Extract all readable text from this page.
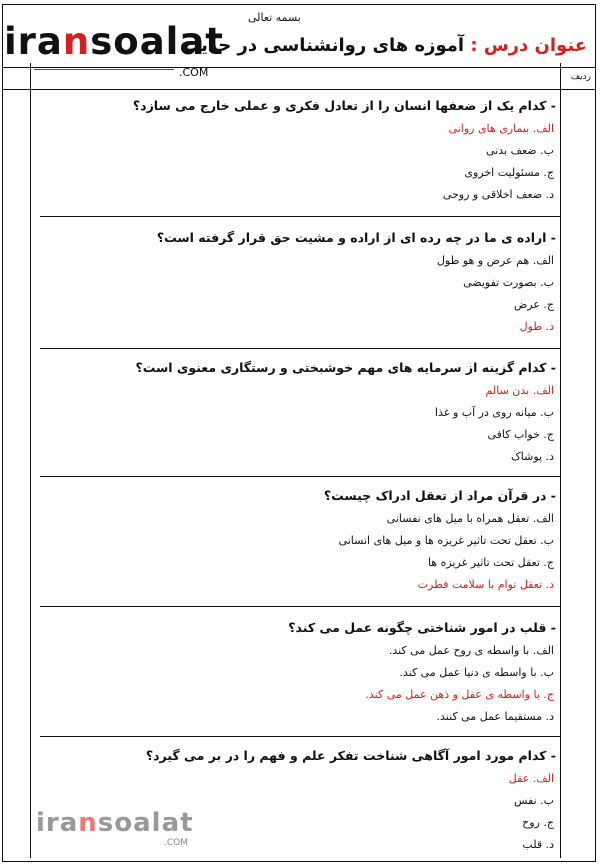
بسمه تعالی
عنوان درس : آموزه های روانشناسی در حدیث
ردیف
iransoalat
.COM
- کدام یک از ضعفها انسان را از تعادل فکری و عملی خارج می سازد؟
الف. بیماری های روانی
ب. ضعف بدنی
ج. مسئولیت اخروی
د. ضعف اخلاقی و روحی
- اراده ی ما در چه رده ای از اراده و مشیت حق قرار گرفته است؟
الف. هم عرض و هو طول
ب. بصورت تفویضی
ج. عرض
د. طول
- کدام گزینه از سرمایه های مهم خوشبختی و رستگاری معنوی است؟
الف. بدن سالم
ب. میانه روی در آب و غذا
ج. خواب کافی
د. پوشاک
- در قرآن مراد از تعقل ادراک چیست؟
الف. تعقل همراه با میل های نفسانی
ب. تعقل تحت تاثیر غریزه ها و میل های انسانی
ج. تعقل تحت تاثیر غریزه ها
د. تعقل توام با سلامت فطرت
- قلب در امور شناختی چگونه عمل می کند؟
الف. با واسطه ی روح عمل می کند.
ب. با واسطه ی دنیا عمل می کند.
ج. با واسطه ی عقل و ذهن عمل می کند.
د. مستقیما عمل می کنند.
- کدام مورد امور آگاهی شناخت تفکر علم و فهم را در بر می گیرد؟
الف. عقل
ب. نفس
ج. روح
د. قلب
iransoalat
.COM
